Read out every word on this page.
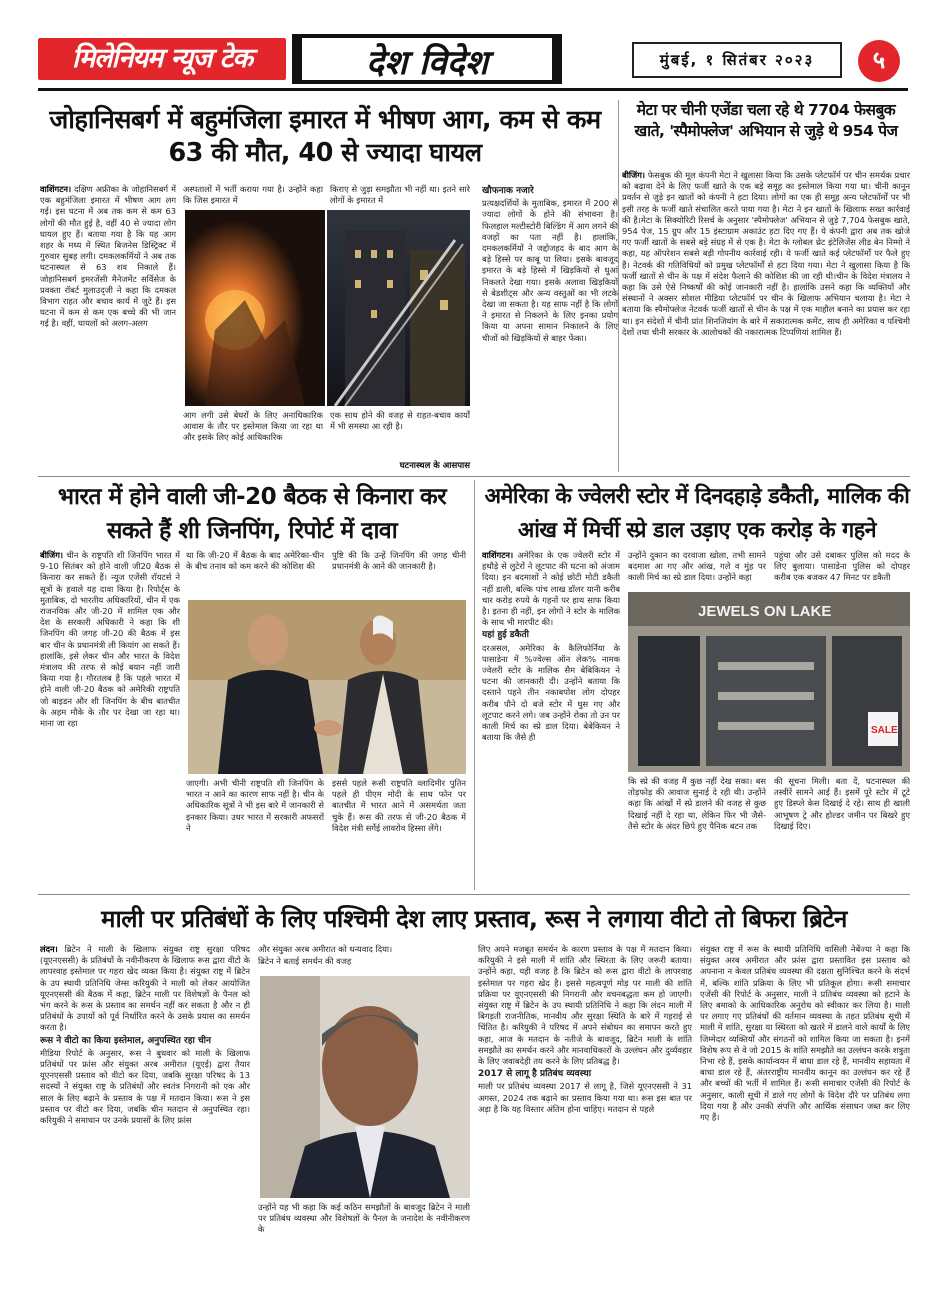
मिलेनियम न्यूज टेक	देश विदेश	मुंबई, १ सितंबर २०२३	५
जोहानिसबर्ग में बहुमंजिला इमारत में भीषण आग, कम से कम 63 की मौत, 40 से ज्यादा घायल
वाशिंगटन। दक्षिण अफ्रीका के जोहानिसबर्ग में एक बहुमंजिला इमारत में भीषण आग लग गई। इस घटना में अब तक कम से कम 63 लोगों की मौत हुई है, वहीं 40 से ज्यादा लोग घायल हुए हैं। बताया गया है कि यह आग शहर के मध्य में स्थित बिजनेस डिस्ट्रिक्ट में गुरुवार सुबह लगी। दमकलकर्मियों ने अब तक घटनास्थल से 63 शव निकाले हैं। जोहानिसबर्ग इमरजेंसी मैनेजमेंट सर्विसेज के प्रवक्ता रॉबर्ट मुलाउद्जी ने कहा कि दमकल विभाग राहत और बचाव कार्य में जुटे हैं। इस घटना में कम से कम एक बच्चे की भी जान गई है। वहीं, घायलों को अलग-अलग
अस्पतालों में भर्ती कराया गया है। उन्होंने कहा कि जिस इमारत में
किराए से जुड़ा समझौता भी नहीं था। इतने सारे लोगों के इमारत में
आग लगी उसे बेघरों के लिए अनाधिकारिक आवास के तौर पर इस्तेमाल किया जा रहा था और इसके लिए कोई आधिकारिक
एक साथ होने की वजह से राहत-बचाव कार्यों में भी समस्या आ रही है।
घटनास्थल के आसपास
खौफनाक नजारे
प्रत्यक्षदर्शियों के मुताबिक, इमारत में 200 से ज्यादा लोगों के होने की संभावना है। फिलहाल मल्टीस्टोरी बिल्डिंग में आग लगने की वजहों का पता नहीं है। हालांकि, दमकलकर्मियों ने जद्दोजहद के बाद आग के बड़े हिस्से पर काबू पा लिया। इसके बावजूद इमारत के बड़े हिस्से में खिड़कियों से धुआं निकलते देखा गया। इसके अलावा खिड़कियों से बेडशीट्स और अन्य वस्तुओं का भी लटके देखा जा सकता है। यह साफ नहीं है कि लोगों ने इमारत से निकलने के लिए इनका प्रयोग किया या अपना सामान निकालने के लिए चीजों को खिड़कियों से बाहर फेंका।
मेटा पर चीनी एजेंडा चला रहे थे 7704 फेसबुक खाते, 'स्पैमोफ्लेज' अभियान से जुड़े थे 954 पेज
बीजिंग। फेसबुक की मूल कंपनी मेटा ने खुलासा किया कि उसके प्लेटफॉर्म पर चीन समर्थक प्रचार को बढ़ावा देने के लिए फर्जी खाते के एक बड़े समूह का इस्तेमाल किया गया था। चीनी कानून प्रवर्तन से जुड़े इन खातों को कंपनी ने हटा दिया। लोगों का एक ही समूह अन्य प्लेटफॉर्मों पर भी इसी तरह के फर्जी खाते संचालित करते पाया गया है। मेटा ने इन खातों के खिलाफ सख्त कार्रवाई की है।मेटा के सिक्योरिटी रिसर्च के अनुसार 'स्पैमोफ्लेज' अभियान से जुड़े 7,704 फेसबुक खाते, 954 पेज, 15 ग्रुप और 15 इंस्टाग्राम अकाउंट हटा दिए गए हैं। ये कंपनी द्वारा अब तक खोजे गए फर्जी खातों के सबसे बड़े संग्रह में से एक है। मेटा के ग्लोबल थ्रेट इंटेलिजेंस लीड बेन निम्मो ने कहा, यह ऑपरेशन सबसे बड़ी गोपनीय कार्रवाई रही। ये फर्जी खाते कई प्लेटफॉर्मों पर फैले हुए हैं। नेटवर्क की गतिविधियों को प्रमुख प्लेटफॉर्मों से हटा दिया गया। मेटा ने खुलासा किया है कि फर्जी खातों से चीन के पक्ष में संदेश फैलाने की कोशिश की जा रही थी।चीन के विदेश मंत्रालय ने कहा कि उसे ऐसे निष्कर्षों की कोई जानकारी नहीं है। हालांकि उसने कहा कि व्यक्तियों और संस्थानों ने अक्सर सोशल मीडिया प्लेटफॉर्म पर चीन के खिलाफ अभियान चलाया है। मेटा ने बताया कि स्पैमोफ्लेज नेटवर्क फर्जी खातों से चीन के पक्ष में एक माहौल बनाने का प्रयास कर रहा था। इन संदेशों में चीनी प्रांत शिनजियांग के बारे में सकारात्मक कमेंट, साथ ही अमेरिका व पश्चिमी देशों तथा चीनी सरकार के आलोचकों की नकारात्मक टिप्पणियां शामिल हैं।
भारत में होने वाली जी-20 बैठक से किनारा कर सकते हैं शी जिनपिंग, रिपोर्ट में दावा
बीजिंग। चीन के राष्ट्रपति शी जिनपिंग भारत में 9-10 सितंबर को होने वाली जी20 बैठक से किनारा कर सकते हैं। न्यूज एजेंसी रॉयटर्स ने सूत्रों के हवाले यह दावा किया है। रिपोर्ट्स के मुताबिक, दो भारतीय अधिकारियों, चीन में एक राजनयिक और जी-20 में शामिल एक और देश के सरकारी अधिकारी ने कहा कि शी जिनपिंग की जगह जी-20 की बैठक में इस बार चीन के प्रधानमंत्री ली कियांग आ सकते हैं। हालांकि, इसे लेकर चीन और भारत के विदेश मंत्रालय की तरफ से कोई बयान नहीं जारी किया गया है। गौरतलब है कि पहले भारत में होने वाली जी-20 बैठक को अमेरिकी राष्ट्रपति जो बाइडन और शी जिनपिंग के बीच बातचीत के अहम मौके के तौर पर देखा जा रहा था। माना जा रहा
था कि जी-20 में बैठक के बाद अमेरिका-चीन के बीच तनाव को कम करने की कोशिश की
पुष्टि की कि उन्हें जिनपिंग की जगह चीनी प्रधानमंत्री के आने की जानकारी है।
जाएगी। अभी चीनी राष्ट्रपति शी जिनपिंग के भारत न आने का कारण साफ नहीं है। चीन के अधिकारिक सूत्रों ने भी इस बारे में जानकारी से इनकार किया। उधर भारत में सरकारी अफसरों ने
इससे पहले रूसी राष्ट्रपति व्लादिमीर पुतिन पहले ही पीएम मोदी के साथ फोन पर बातचीत में भारत आने में असमर्थता जता चुके हैं। रूस की तरफ से जी-20 बैठक में विदेश मंत्री सर्गेई लावरोव हिस्सा लेंगे।
अमेरिका के ज्वेलरी स्टोर में दिनदहाड़े डकैती, मालिक की आंख में मिर्ची स्प्रे डाल उड़ाए एक करोड़ के गहने
वाशिंगटन। अमेरिका के एक ज्वेलरी स्टोर में हथौड़े से लुटेरों ने लूटपाट की घटना को अंजाम दिया। इन बदमाशों ने कोई छोटी मोटी डकैती नहीं डाली, बल्कि पांच लाख डॉलर यानी करीब चार करोड़ रुपये के गहनों पर हाथ साफ किया है। इतना ही नहीं, इन लोगों ने स्टोर के मालिक के साथ भी मारपीट की।
यहां हुई डकैती
दरअसल, अमेरिका के कैलिफोर्निया के पासाडेना में %ज्वेल्स ऑन लेक% नामक ज्वेलरी स्टोर के मालिक सैम बेबिकियन ने घटना की जानकारी दी। उन्होंने बताया कि दस्ताने पहने तीन नकाबपोश लोग दोपहर करीब पौने दो बजे स्टोर में घुस गए और लूटपाट करने लगे। जब उन्होंने रोका तो उन पर काली मिर्च का स्प्रे डाल दिया। बेबेकियन ने बताया कि जैसे ही
उन्होंने दुकान का दरवाजा खोला, तभी सामने बदमाश आ गए और आंख, गले व मुंह पर काली मिर्च का स्प्रे डाल दिया। उन्होंने कहा
पहुंचा और उसे दबाकर पुलिस को मदद के लिए बुलाया। पासाडेना पुलिस को दोपहर करीब एक बजकर 47 मिनट पर डकैती
JEWELS ON LAKE
SALE
कि स्प्रे की वजह मैं कुछ नहीं देख सका। बस तोड़फोड़ की आवाज सुनाई दे रही थी। उन्होंने कहा कि आंखों में स्प्रे डालने की वजह से कुछ दिखाई नहीं दे रहा था, लेकिन फिर भी जैसे-तैसे स्टोर के अंदर छिपे हुए पैनिक बटन तक
की सूचना मिली। बता दें, घटनास्थल की तस्वीरें सामने आई हैं। इसमें पूरे स्टोर में टूटे हुए डिस्प्ले केस दिखाई दे रहे। साथ ही खाली आभूषण ट्रे और होल्डर जमीन पर बिखरे हुए दिखाई दिए।
माली पर प्रतिबंधों के लिए पश्चिमी देश लाए प्रस्ताव, रूस ने लगाया वीटो तो बिफरा ब्रिटेन
लंदन। ब्रिटेन ने माली के खिलाफ संयुक्त राष्ट्र सुरक्षा परिषद (यूएनएससी) के प्रतिबंधों के नवीनीकरण के खिलाफ रूस द्वारा वीटो के लापरवाह इस्तेमाल पर गहरा खेद व्यक्त किया है। संयुक्त राष्ट्र में ब्रिटेन के उप स्थायी प्रतिनिधि जेम्स करियुकी ने माली को लेकर आयोजित यूएनएससी की बैठक में कहा, ब्रिटेन माली पर विशेषज्ञों के पैनल को भंग करने के रूस के प्रस्ताव का समर्थन नहीं कर सकता है और न ही प्रतिबंधों के उपायों को पूर्व निर्धारित करने के उसके प्रयास का समर्थन करता है।
रूस ने वीटो का किया इस्तेमाल, अनुपस्थित रहा चीन
मीडिया रिपोर्ट के अनुसार, रूस ने बुधवार को माली के खिलाफ प्रतिबंधों पर फ्रांस और संयुक्त अरब अमीरात (यूएई) द्वारा तैयार यूएनएससी प्रस्ताव को वीटो कर दिया, जबकि सुरक्षा परिषद के 13 सदस्यों ने संयुक्त राष्ट्र के प्रतिबंधों और स्वतंत्र निगरानी को एक और साल के लिए बढ़ाने के प्रस्ताव के पक्ष में मतदान किया। रूस ने इस प्रस्ताव पर वीटो कर दिया, जबकि चीन मतदान से अनुपस्थित रहा। करियुकी ने समाधान पर उनके प्रयासों के लिए फ्रांस
और संयुक्त अरब अमीरात को धन्यवाद दिया।
ब्रिटेन ने बताई समर्थन की वजह
उन्होंने यह भी कहा कि कई कठिन समझौतों के बावजूद ब्रिटेन ने माली पर प्रतिबंध व्यवस्था और विशेषज्ञों के पैनल के जनादेश के नवीनीकरण के
लिए अपने मजबूत समर्थन के कारण प्रस्ताव के पक्ष में मतदान किया। करियुकी ने इसे माली में शांति और स्थिरता के लिए जरूरी बताया। उन्होंने कहा, यही वजह है कि ब्रिटेन को रूस द्वारा वीटो के लापरवाह इस्तेमाल पर गहरा खेद है। इससे महत्वपूर्ण मोड़ पर माली की शांति प्रक्रिया पर यूएनएससी की निगरानी और वचनबद्धता कम हो जाएगी। संयुक्त राष्ट्र में ब्रिटेन के उप स्थायी प्रतिनिधि ने कहा कि लंदन माली में बिगड़ती राजनीतिक, मानवीय और सुरक्षा स्थिति के बारे में गहराई से चिंतित है। करियुकी ने परिषद में अपने संबोधन का समापन करते हुए कहा, आज के मतदान के नतीजे के बावजूद, ब्रिटेन माली के शांति समझौते का समर्थन करने और मानवाधिकारों के उल्लंघन और दुर्व्यवहार के लिए जवाबदेही तय करने के लिए प्रतिबद्ध है।
2017 से लागू है प्रतिबंध व्यवस्था
माली पर प्रतिबंध व्यवस्था 2017 से लागू है, जिसे यूएनएससी ने 31 अगस्त, 2024 तक बढ़ाने का प्रस्ताव किया गया था। रूस इस बात पर अड़ा है कि यह विस्तार अंतिम होना चाहिए। मतदान से पहले
संयुक्त राष्ट्र में रूस के स्थायी प्रतिनिधि वासिली नेबेंज्या ने कहा कि संयुक्त अरब अमीरात और फ्रांस द्वारा प्रस्तावित इस प्रस्ताव को अपनाना न केवल प्रतिबंध व्यवस्था की दक्षता सुनिश्चित करने के संदर्भ में, बल्कि शांति प्रक्रिया के लिए भी प्रतिकूल होगा। रूसी समाचार एजेंसी की रिपोर्ट के अनुसार, माली ने प्रतिबंध व्यवस्था को हटाने के लिए बमाको के आधिकारिक अनुरोध को स्वीकार कर लिया है। माली पर लगाए गए प्रतिबंधों की वर्तमान व्यवस्था के तहत प्रतिबंध सूची में माली में शांति, सुरक्षा या स्थिरता को खतरे में डालने वाले कार्यों के लिए जिम्मेदार व्यक्तियों और संगठनों को शामिल किया जा सकता है। इनमें विशेष रूप से वे जो 2015 के शांति समझौते का उल्लंघन करके शत्रुता निभा रहे हैं, इसके कार्यान्वयन में बाधा डाल रहे हैं, मानवीय सहायता में बाधा डाल रहे हैं, अंतरराष्ट्रीय मानवीय कानून का उल्लंघन कर रहे हैं और बच्चों की भर्ती में शामिल हैं। रूसी समाचार एजेंसी की रिपोर्ट के अनुसार, काली सूची में डाले गए लोगों के विदेश दौरे पर प्रतिबंध लगा दिया गया है और उनकी संपत्ति और आर्थिक संसाधन जब्त कर लिए गए हैं।
